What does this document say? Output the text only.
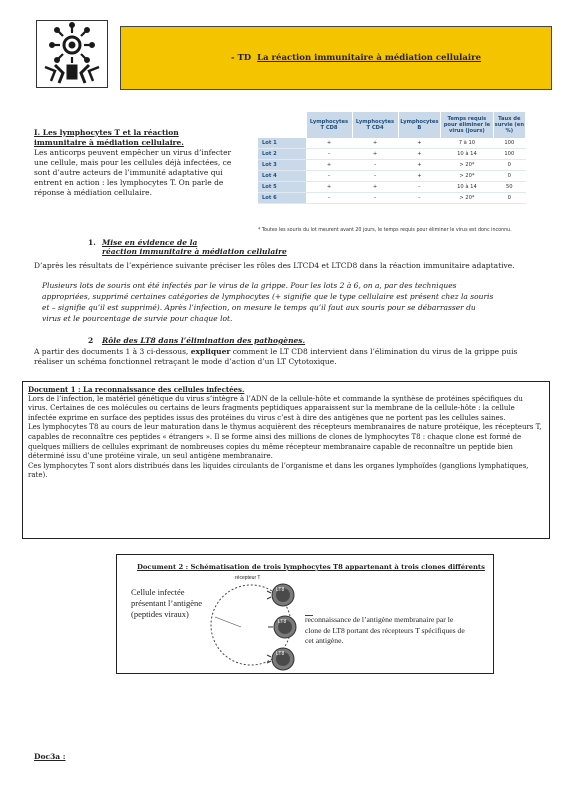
- TD La réaction immunitaire à médiation cellulaire
I. Les lymphocytes T et la réaction
immunitaire à médiation cellulaire.
Les anticorps peuvent empêcher un virus d’infecter une cellule, mais pour les cellules déjà infectées, ce sont d’autre acteurs de l’immunité adaptative qui entrent en action : les lymphocytes T. On parle de réponse à médiation cellulaire.
	Lymphocytes T CD8	Lymphocytes T CD4	Lymphocytes B	Temps requis pour éliminer le virus (jours)	Taux de survie (en %)
Lot 1	+	+	+	7 à 10	100
Lot 2	–	+	+	10 à 14	100
Lot 3	+	–	+	> 20*	0
Lot 4	–	–	+	> 20*	0
Lot 5	+	+	–	10 à 14	50
Lot 6	–	–	–	> 20*	0
* Toutes les souris du lot meurent avant 20 jours, le temps requis pour éliminer le virus est donc inconnu.
1. Mise en évidence de la
réaction immunitaire à médiation cellulaire
D’après les résultats de l’expérience suivante préciser les rôles des LTCD4 et LTCD8 dans la réaction immunitaire adaptative.
Plusieurs lots de souris ont été infectés par le virus de la grippe. Pour les lots 2 à 6, on a, par des techniques appropriées, supprimé certaines catégories de lymphocytes (+ signifie que le type cellulaire est présent chez la souris et – signifie qu’il est supprimé). Après l’infection, on mesure le temps qu’il faut aux souris pour se débarrasser du virus et le pourcentage de survie pour chaque lot.
2 Rôle des LT8 dans l’élimination des pathogènes.
A partir des documents 1 à 3 ci-dessous, expliquer comment le LT CD8 intervient dans l’élimination du virus de la grippe puis réaliser un schéma fonctionnel retraçant le mode d’action d’un LT Cytotoxique.
Document 1 : La reconnaissance des cellules infectées.
Lors de l’infection, le matériel génétique du virus s’intègre à l’ADN de la cellule-hôte et commande la synthèse de protéines spécifiques du virus. Certaines de ces molécules ou certains de leurs fragments peptidiques apparaissent sur la membrane de la cellule-hôte : la cellule infectée exprime en surface des peptides issus des protéines du virus c’est à dire des antigènes que ne portent pas les cellules saines.
Les lymphocytes T8 au cours de leur maturation dans le thymus acquièrent des récepteurs membranaires de nature protéique, les récepteurs T, capables de reconnaître ces peptides « étrangers ». Il se forme ainsi des millions de clones de lymphocytes T8 : chaque clone est formé de quelques milliers de cellules exprimant de nombreuses copies du même récepteur membranaire capable de reconnaître un peptide bien déterminé issu d’une protéine virale, un seul antigène membranaire.
Ces lymphocytes T sont alors distribués dans les liquides circulants de l’organisme et dans les organes lymphoïdes (ganglions lymphatiques, rate).
Document 2 : Schématisation de trois lymphocytes T8 appartenant à trois clones différents
Cellule infectée
présentant l’antigène
(peptides viraux)
récepteur T
LT8
LT8
LT8
reconnaissance de l’antigène membranaire par le
clone de LT8 portant des récepteurs T spécifiques de
cet antigène.
Doc3a :
